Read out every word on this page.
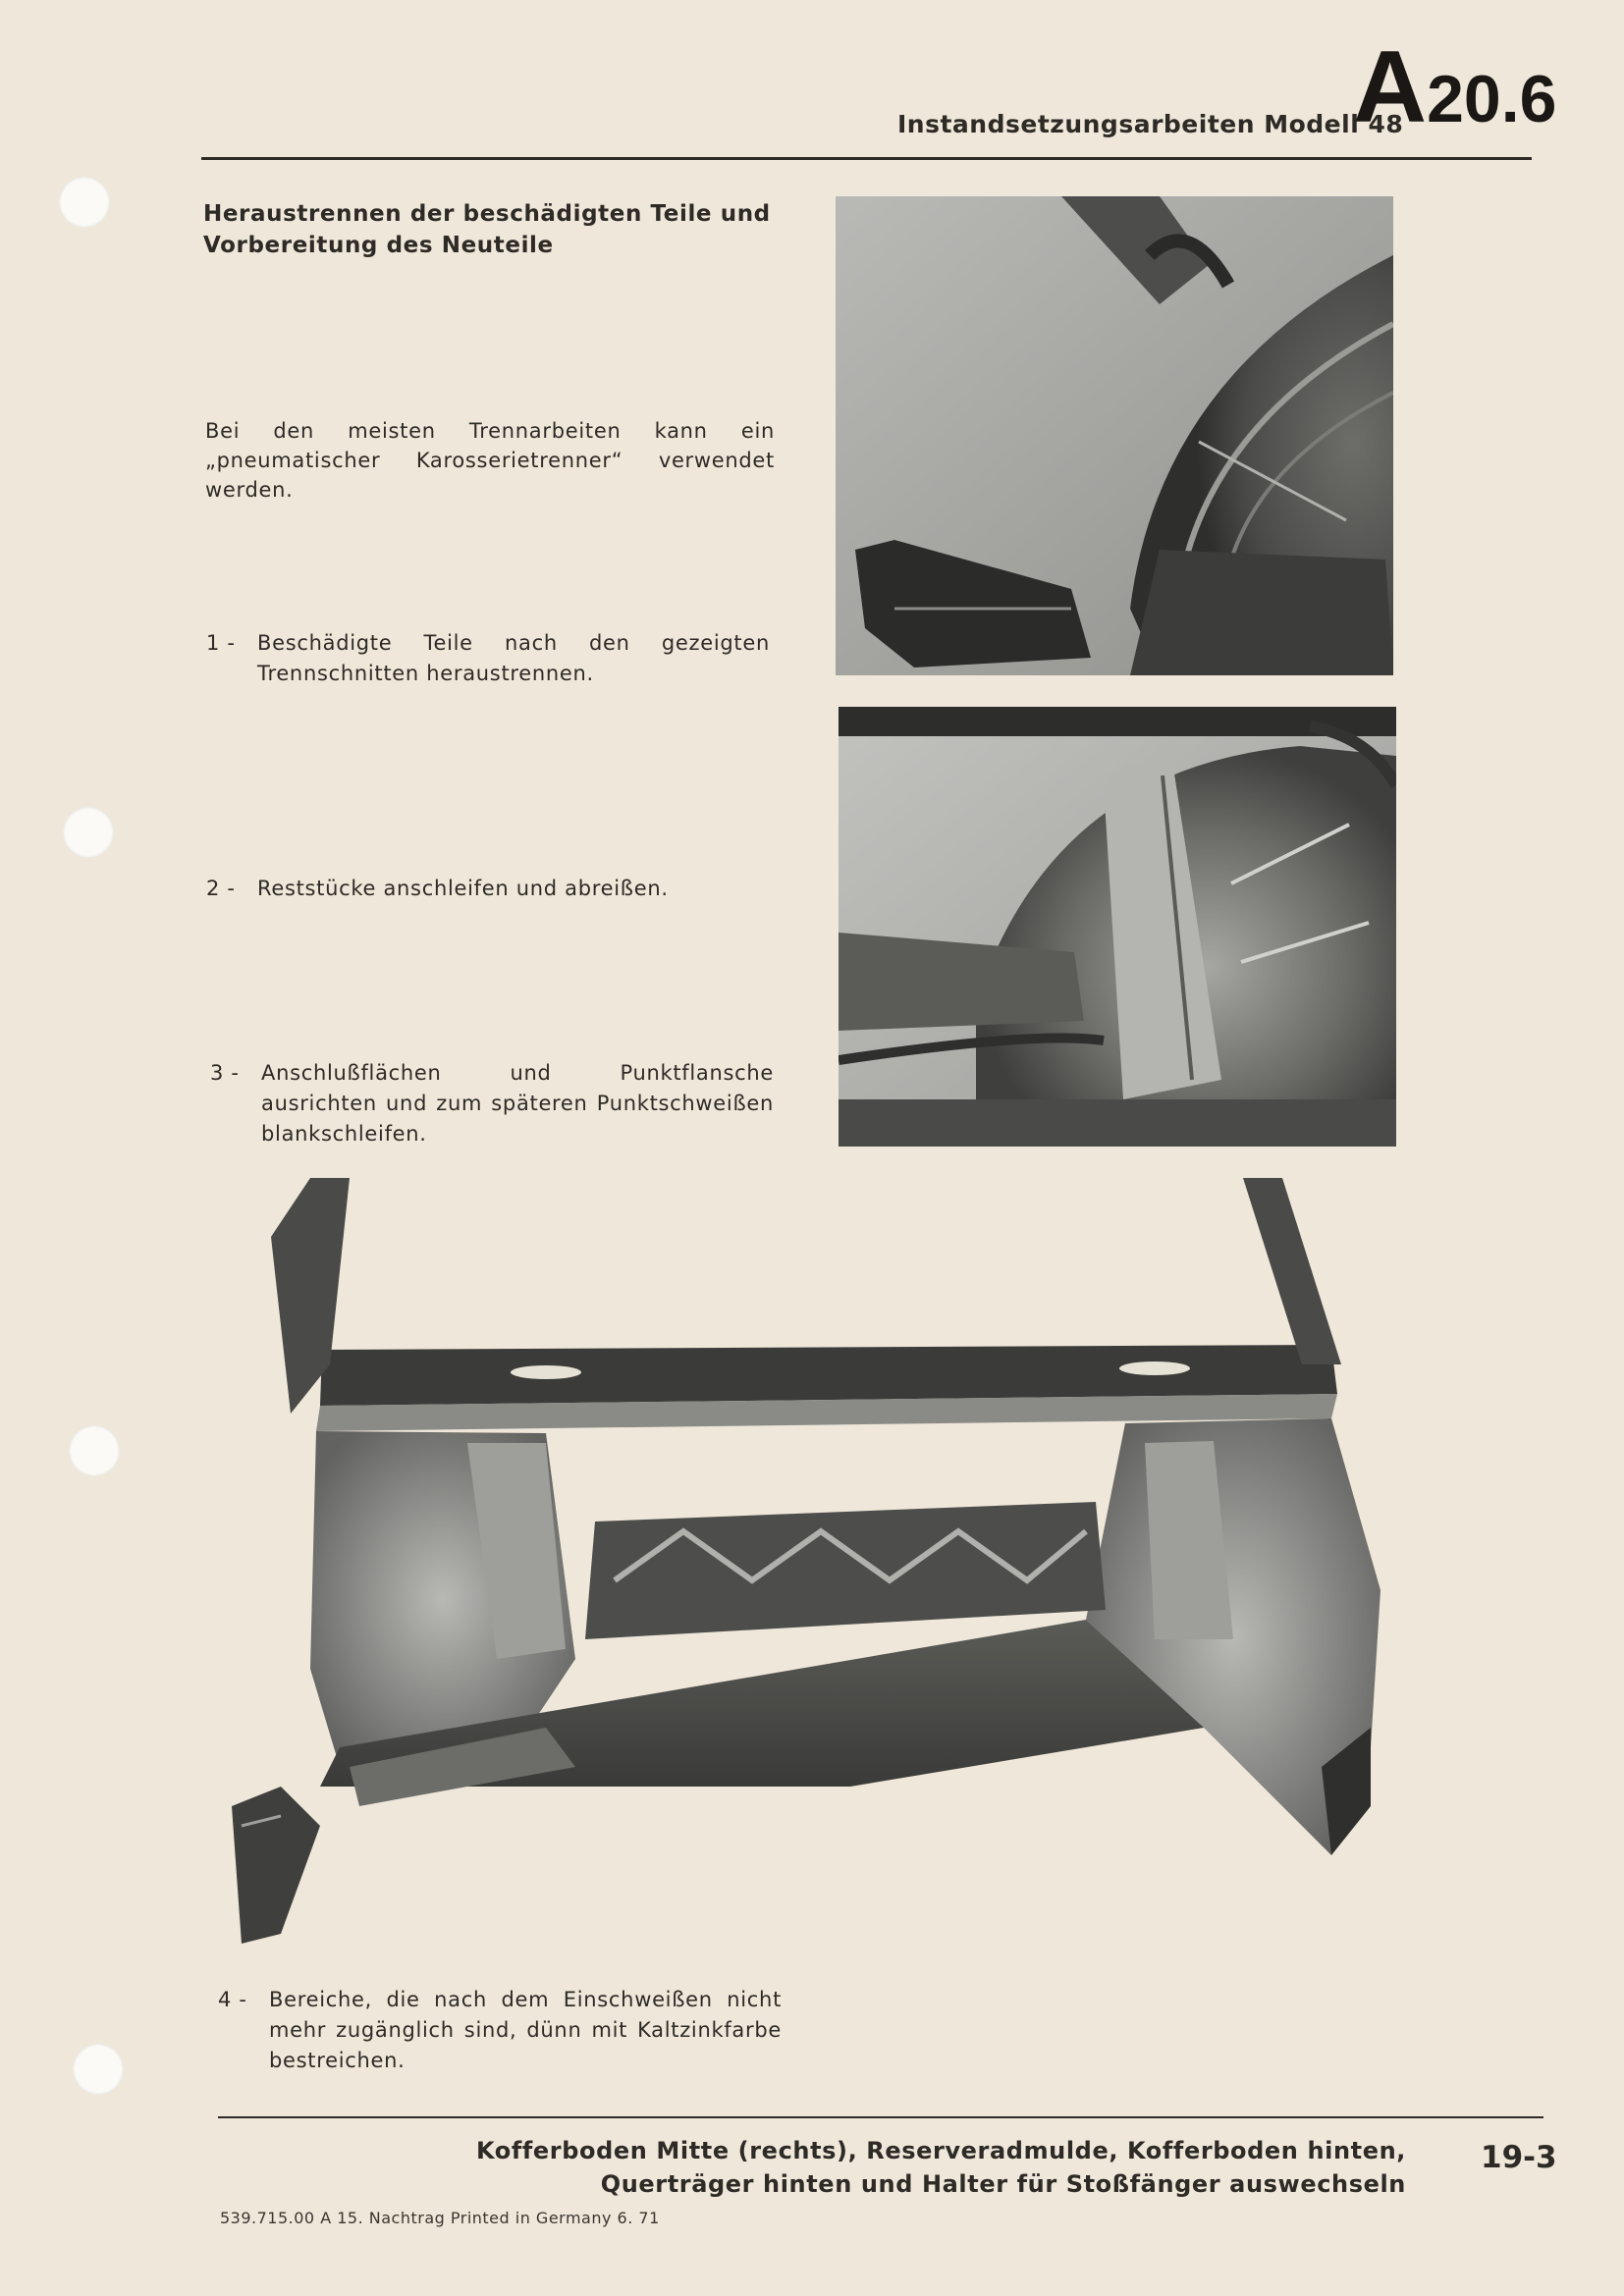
Instandsetzungsarbeiten Modell 48
A20.6
Heraustrennen der beschädigten Teile und Vorbereitung des Neuteile
Bei den meisten Trennarbeiten kann ein „pneumatischer Karosserietrenner“ verwendet werden.
1 - Beschädigte Teile nach den gezeigten Trennschnitten heraustrennen.
2 - Reststücke anschleifen und abreißen.
3 - Anschlußflächen und Punktflansche ausrichten und zum späteren Punktschweißen blankschleifen.
4 - Bereiche, die nach dem Einschweißen nicht mehr zugänglich sind, dünn mit Kaltzinkfarbe bestreichen.
Kofferboden Mitte (rechts), Reserveradmulde, Kofferboden hinten,
Querträger hinten und Halter für Stoßfänger auswechseln
19-3
539.715.00 A 15. Nachtrag Printed in Germany 6. 71
